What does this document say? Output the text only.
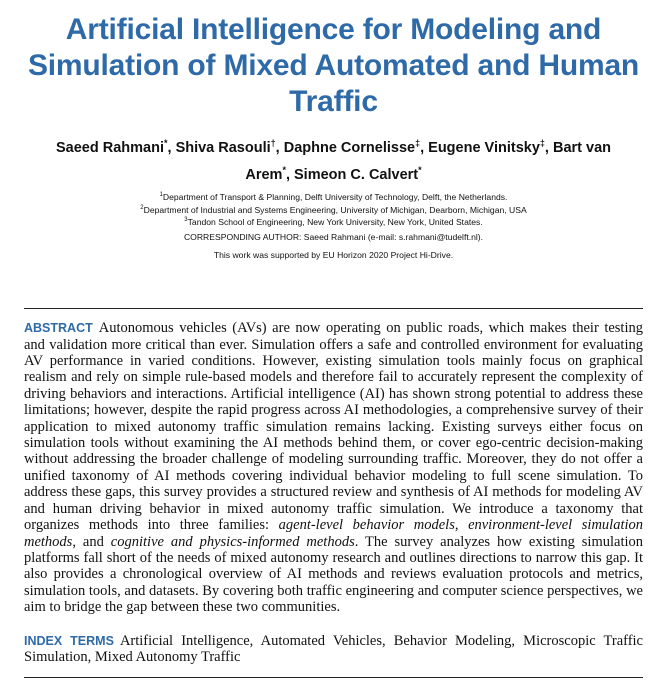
Artificial Intelligence for Modeling and Simulation of Mixed Automated and Human Traffic
Saeed Rahmani*, Shiva Rasouli†, Daphne Cornelisse‡, Eugene Vinitsky‡, Bart van Arem*, Simeon C. Calvert*
$^1$Department of Transport & Planning, Delft University of Technology, Delft, the Netherlands.
$^2$Department of Industrial and Systems Engineering, University of Michigan, Dearborn, Michigan, USA
$^3$Tandon School of Engineering, New York University, New York, United States.
CORRESPONDING AUTHOR: Saeed Rahmani (e-mail: s.rahmani@tudelft.nl).
This work was supported by EU Horizon 2020 Project Hi-Drive.

ABSTRACT Autonomous vehicles (AVs) are now operating on public roads, which makes their testing and validation more critical than ever. Simulation offers a safe and controlled environment for evaluating AV performance in varied conditions. However, existing simulation tools mainly focus on graphical realism and rely on simple rule-based models and therefore fail to accurately represent the complexity of driving behaviors and interactions. Artificial intelligence (AI) has shown strong potential to address these limitations; however, despite the rapid progress across AI methodologies, a comprehensive survey of their application to mixed autonomy traffic simulation remains lacking. Existing surveys either focus on simulation tools without examining the AI methods behind them, or cover ego-centric decision-making without addressing the broader challenge of modeling surrounding traffic. Moreover, they do not offer a unified taxonomy of AI methods covering individual behavior modeling to full scene simulation. To address these gaps, this survey provides a structured review and synthesis of AI methods for modeling AV and human driving behavior in mixed autonomy traffic simulation. We introduce a taxonomy that organizes methods into three families: agent-level behavior models, environment-level simulation methods, and cognitive and physics-informed methods. The survey analyzes how existing simulation platforms fall short of the needs of mixed autonomy research and outlines directions to narrow this gap. It also provides a chronological overview of AI methods and reviews evaluation protocols and metrics, simulation tools, and datasets. By covering both traffic engineering and computer science perspectives, we aim to bridge the gap between these two communities.

INDEX TERMS Artificial Intelligence, Automated Vehicles, Behavior Modeling, Microscopic Traffic Simulation, Mixed Autonomy Traffic
